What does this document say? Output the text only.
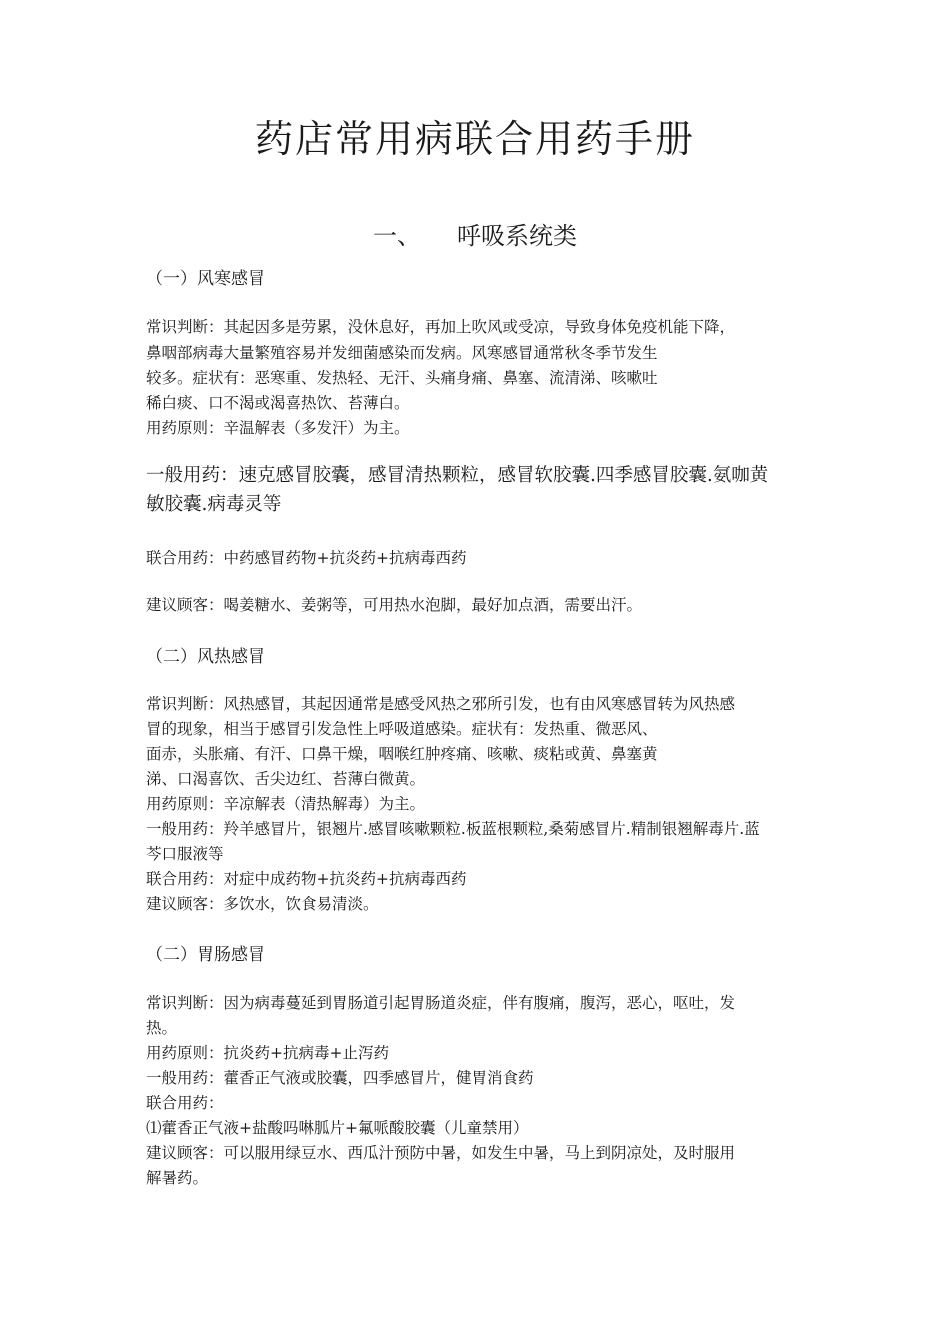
药店常用病联合用药手册
一、 呼吸系统类
（一）风寒感冒
常识判断：其起因多是劳累，没休息好，再加上吹风或受凉，导致身体免疫机能下降，
鼻咽部病毒大量繁殖容易并发细菌感染而发病。风寒感冒通常秋冬季节发生
较多。症状有：恶寒重、发热轻、无汗、头痛身痛、鼻塞、流清涕、咳嗽吐
稀白痰、口不渴或渴喜热饮、苔薄白。
用药原则：辛温解表（多发汗）为主。
一般用药：速克感冒胶囊，感冒清热颗粒，感冒软胶囊.四季感冒胶囊.氨咖黄
敏胶囊.病毒灵等
联合用药：中药感冒药物+抗炎药+抗病毒西药
建议顾客：喝姜糖水、姜粥等，可用热水泡脚，最好加点酒，需要出汗。
（二）风热感冒
常识判断：风热感冒，其起因通常是感受风热之邪所引发，也有由风寒感冒转为风热感
冒的现象，相当于感冒引发急性上呼吸道感染。症状有：发热重、微恶风、
面赤，头胀痛、有汗、口鼻干燥，咽喉红肿疼痛、咳嗽、痰粘或黄、鼻塞黄
涕、口渴喜饮、舌尖边红、苔薄白微黄。
用药原则：辛凉解表（清热解毒）为主。
一般用药：羚羊感冒片，银翘片.感冒咳嗽颗粒.板蓝根颗粒,桑菊感冒片.精制银翘解毒片.蓝
芩口服液等
联合用药：对症中成药物+抗炎药+抗病毒西药
建议顾客：多饮水，饮食易清淡。
（二）胃肠感冒
常识判断：因为病毒蔓延到胃肠道引起胃肠道炎症，伴有腹痛，腹泻，恶心，呕吐，发
热。
用药原则：抗炎药+抗病毒+止泻药
一般用药：藿香正气液或胶囊，四季感冒片，健胃消食药
联合用药：
⑴藿香正气液+盐酸吗啉胍片+氟哌酸胶囊（儿童禁用）
建议顾客：可以服用绿豆水、西瓜汁预防中暑，如发生中暑，马上到阴凉处，及时服用
解暑药。
